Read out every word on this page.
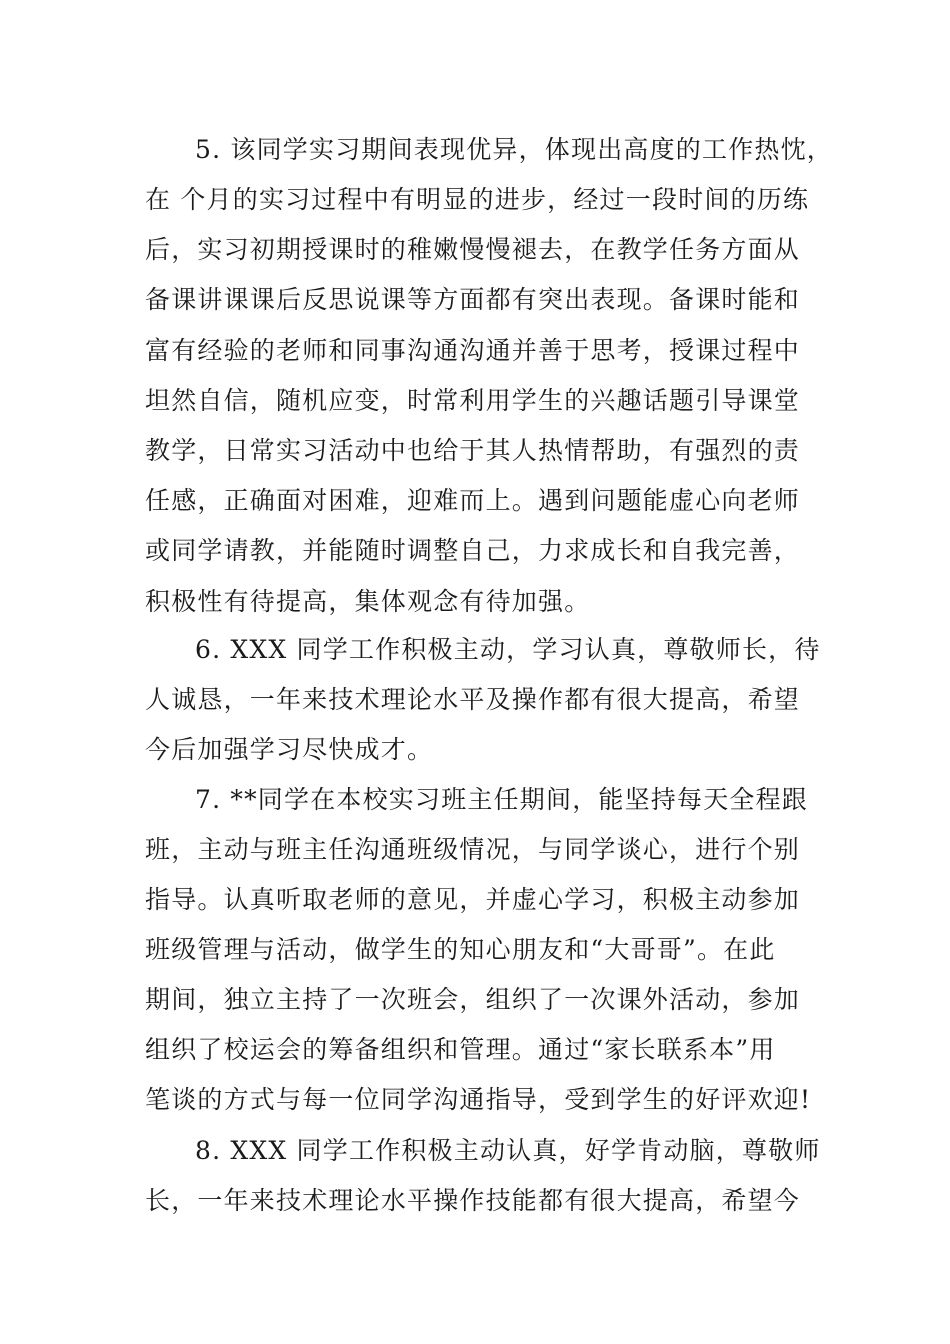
5. 该同学实习期间表现优异，体现出高度的工作热忱，
在 个月的实习过程中有明显的进步，经过一段时间的历练
后，实习初期授课时的稚嫩慢慢褪去，在教学任务方面从
备课讲课课后反思说课等方面都有突出表现。备课时能和
富有经验的老师和同事沟通沟通并善于思考，授课过程中
坦然自信，随机应变，时常利用学生的兴趣话题引导课堂
教学，日常实习活动中也给于其人热情帮助，有强烈的责
任感，正确面对困难，迎难而上。遇到问题能虚心向老师
或同学请教，并能随时调整自己，力求成长和自我完善，
积极性有待提高，集体观念有待加强。
6. XXX 同学工作积极主动，学习认真，尊敬师长，待
人诚恳，一年来技术理论水平及操作都有很大提高，希望
今后加强学习尽快成才。
7. **同学在本校实习班主任期间，能坚持每天全程跟
班，主动与班主任沟通班级情况，与同学谈心，进行个别
指导。认真听取老师的意见，并虚心学习，积极主动参加
班级管理与活动，做学生的知心朋友和“大哥哥”。在此
期间，独立主持了一次班会，组织了一次课外活动，参加
组织了校运会的筹备组织和管理。通过“家长联系本”用
笔谈的方式与每一位同学沟通指导，受到学生的好评欢迎!
8. XXX 同学工作积极主动认真，好学肯动脑，尊敬师
长，一年来技术理论水平操作技能都有很大提高，希望今
